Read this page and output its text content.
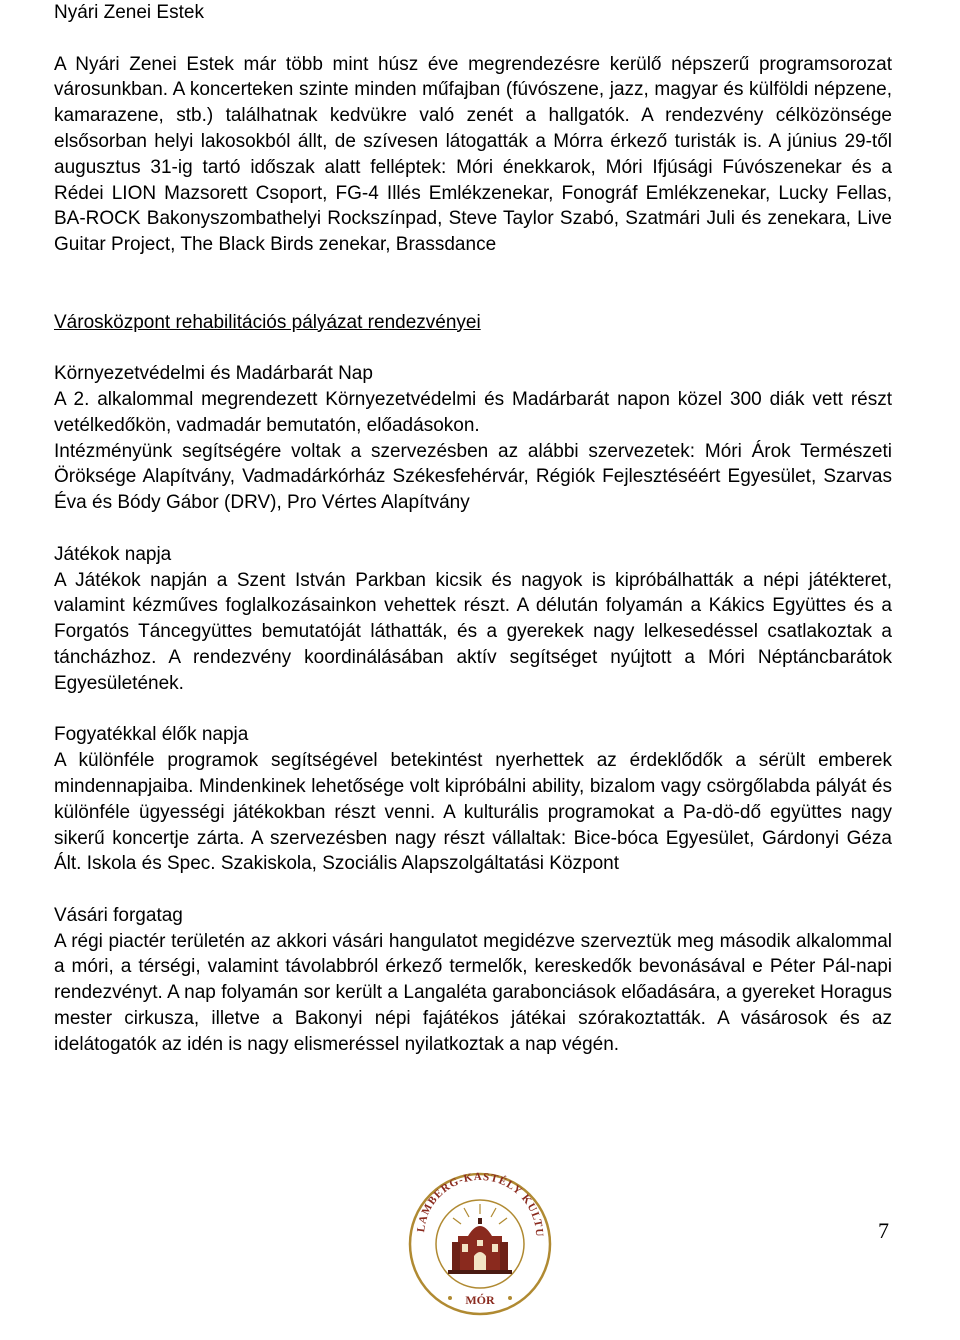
Nyári Zenei Estek

A Nyári Zenei Estek már több mint húsz éve megrendezésre kerülő népszerű programsorozat városunkban. A koncerteken szinte minden műfajban (fúvószene, jazz, magyar és külföldi népzene, kamarazene, stb.) találhatnak kedvükre való zenét a hallgatók. A rendezvény célközönsége elsősorban helyi lakosokból állt, de szívesen látogatták a Mórra érkező turisták is. A június 29-től augusztus 31-ig tartó időszak alatt felléptek: Móri énekkarok, Móri Ifjúsági Fúvószenekar és a Rédei LION Mazsorett Csoport, FG-4 Illés Emlékzenekar, Fonográf Emlékzenekar, Lucky Fellas, BA-ROCK Bakonyszombathelyi Rockszínpad, Steve Taylor Szabó, Szatmári Juli és zenekara, Live Guitar Project, The Black Birds zenekar, Brassdance

Városközpont rehabilitációs pályázat rendezvényei

Környezetvédelmi és Madárbarát Nap

A 2. alkalommal megrendezett Környezetvédelmi és Madárbarát napon közel 300 diák vett részt vetélkedőkön, vadmadár bemutatón, előadásokon.

Intézményünk segítségére voltak a szervezésben az alábbi szervezetek: Móri Árok Természeti Öröksége Alapítvány, Vadmadárkórház Székesfehérvár, Régiók Fejlesztéséért Egyesület, Szarvas Éva és Bódy Gábor (DRV), Pro Vértes Alapítvány

Játékok napja

A Játékok napján a Szent István Parkban kicsik és nagyok is kipróbálhatták a népi játékteret, valamint kézműves foglalkozásainkon vehettek részt. A délután folyamán a Kákics Együttes és a Forgatós Táncegyüttes bemutatóját láthatták, és a gyerekek nagy lelkesedéssel csatlakoztak a táncházhoz. A rendezvény koordinálásában aktív segítséget nyújtott a Móri Néptáncbarátok Egyesületének.

Fogyatékkal élők napja

A különféle programok segítségével betekintést nyerhettek az érdeklődők a sérült emberek mindennapjaiba. Mindenkinek lehetősége volt kipróbálni ability, bizalom vagy csörgőlabda pályát és különféle ügyességi játékokban részt venni. A kulturális programokat a Pa-dö-dő együttes nagy sikerű koncertje zárta. A szervezésben nagy részt vállaltak: Bice-bóca Egyesület, Gárdonyi Géza Ált. Iskola és Spec. Szakiskola, Szociális Alapszolgáltatási Központ

Vásári forgatag

A régi piactér területén az akkori vásári hangulatot megidézve szerveztük meg második alkalommal a móri, a térségi, valamint távolabbról érkező termelők, kereskedők bevonásával e Péter Pál-napi rendezvényt. A nap folyamán sor került a Langaléta garabonciások előadására, a gyereket Horagus mester cirkusza, illetve a Bakonyi népi fajátékos játékai szórakoztatták. A vásárosok és az idelátogatók az idén is nagy elismeréssel nyilatkoztak a nap végén.

LAMBERG-KASTÉLY KULTU
MÓR
7
